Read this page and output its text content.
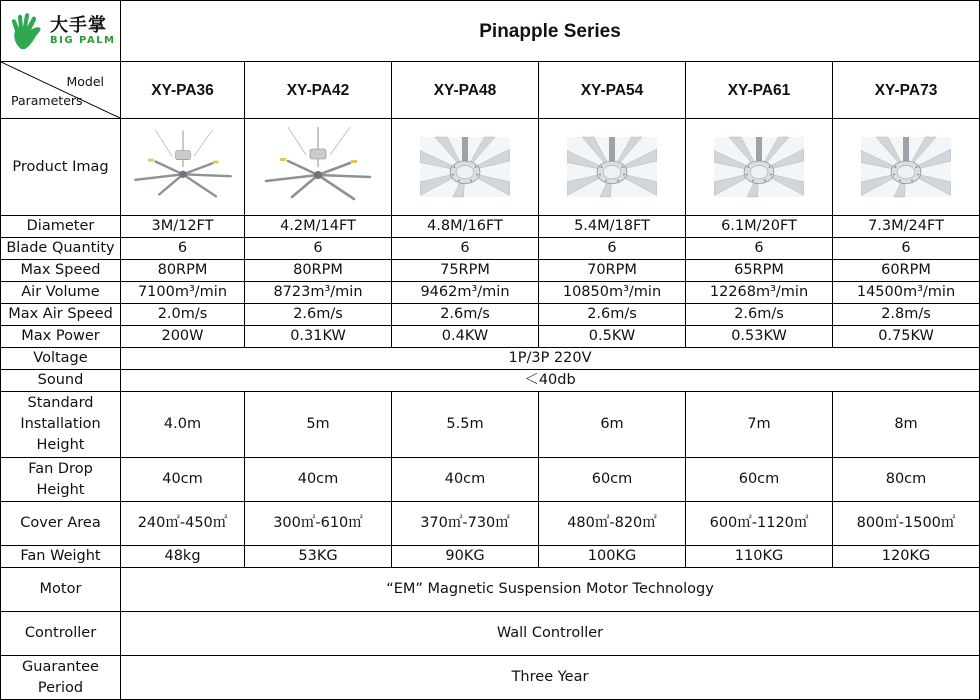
大手掌
BIG PALM	Pinapple Series					

Model
Parameters	XY-PA36	XY-PA42	XY-PA48	XY-PA54	XY-PA61	XY-PA73
Product Imag	

Diameter	3M/12FT	4.2M/14FT	4.8M/16FT	5.4M/18FT	6.1M/20FT	7.3M/24FT
Blade Quantity	6	6	6	6	6	6
Max Speed	80RPM	80RPM	75RPM	70RPM	65RPM	60RPM
Air Volume	7100m³/min	8723m³/min	9462m³/min	10850m³/min	12268m³/min	14500m³/min
Max Air Speed	2.0m/s	2.6m/s	2.6m/s	2.6m/s	2.6m/s	2.8m/s
Max Power	200W	0.31KW	0.4KW	0.5KW	0.53KW	0.75KW
Voltage	1P/3P 220V					
Sound	＜40db					

Standard
Installation
Height	4.0m	5m	5.5m	6m	7m	8m

Fan Drop
Height	40cm	40cm	40cm	60cm	60cm	80cm
Cover Area	240㎡-450㎡	300㎡-610㎡	370㎡-730㎡	480㎡-820㎡	600㎡-1120㎡	800㎡-1500㎡
Fan Weight	48kg	53KG	90KG	100KG	110KG	120KG
Motor	“EM” Magnetic Suspension Motor Technology					
Controller	Wall Controller					

Guarantee
Period	Three Year					
